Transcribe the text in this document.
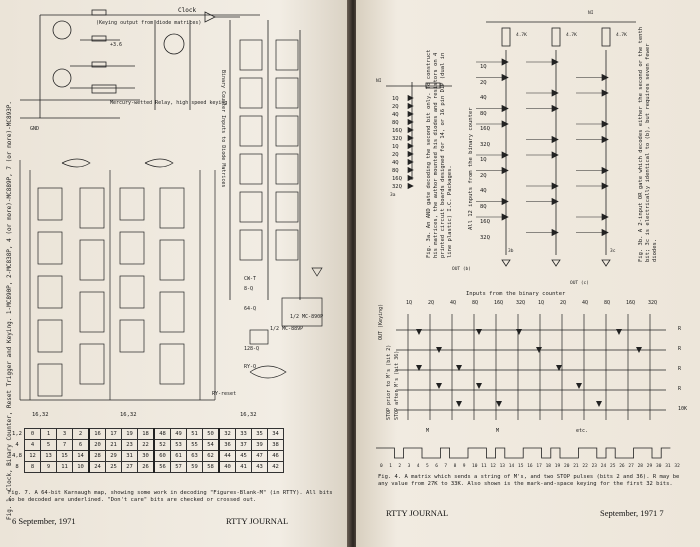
Fig. 1. Clock, Binary Counter, Reset Trigger and Keying. 1-MC890P, 2-MC838P, 4 (or more)-MC889P, 7 (or more)-MC893P.
Clock
(Keying output from diode matrices)
+3.6
Mercury-wetted Relay, high speed keying
1/2 MC-889P
1/2 MC-890P
RY-reset
8-Q
64-Q
128-Q
RY-Q
CW-T
GND	Binary Counter Inputs to Diode Matrices
16,32	16,32	16,32
1,2	0	1	3	2	16	17	19	18	48	49	51	50	32	33	35	34
4	4	5	7	6	20	21	23	22	52	53	55	54	36	37	39	38
4,8	12	13	15	14	28	29	31	30	60	61	63	62	44	45	47	46
8	8	9	11	10	24	25	27	26	56	57	59	58	40	41	43	42
Fig. 7. A 64-bit Karnaugh map, showing some work in decoding "Figures-Blank-M" (in RTTY). All bits to be decoded are underlined. "Don't care" bits are checked or crossed out.
6 September, 1971	RTTY JOURNAL
NI
NI
4.7K	4.7K	4.7K
3b	3c
3a
OUT (b)
OUT (c)
1Q
2Q
4Q
8Q
16Q
32Q
1Q
2Q
4Q
8Q
16Q
32Q
1Q
2Q
4Q
8Q
16Q
32Q
1Q
2Q
4Q
8Q
16Q
32Q
Fig. 3a. An AND gate decoding the second bit only. To construct his matrices, the author mounted his diodes and resistors on 4 printed circuit boards designed for 14, or 16 pin DIP (dual in line plastic) I.C. Packages.	All 12 inputs from the binary counter	Fig. 3b. A 2-input OR gate which decodes either the second or the tenth bit; 3c is electrically identical to (b), but requires seven fewer diodes.
Inputs from the binary counter
1Q	2Q	4Q	8Q	16Q	32Q	1Q	2Q	4Q	8Q	16Q	32Q
OUT (Keying)
STOP prior to M's (bit 2) STOP after M's (bit 36)
R
R
R
R
10K
M	M	etc.
0 1 2 3 4 5 6 7 8 9 10 11 12 13 14 15 16 17 18 19 20 21 22 23 24 25 26 27 28 29 30 31 32
Fig. 4. A matrix which sends a string of M's, and two STOP pulses (bits 2 and 36). R may be any value from 27K to 33K. Also shown is the mark-and-space keying for the first 32 bits.
RTTY JOURNAL	September, 1971 7
